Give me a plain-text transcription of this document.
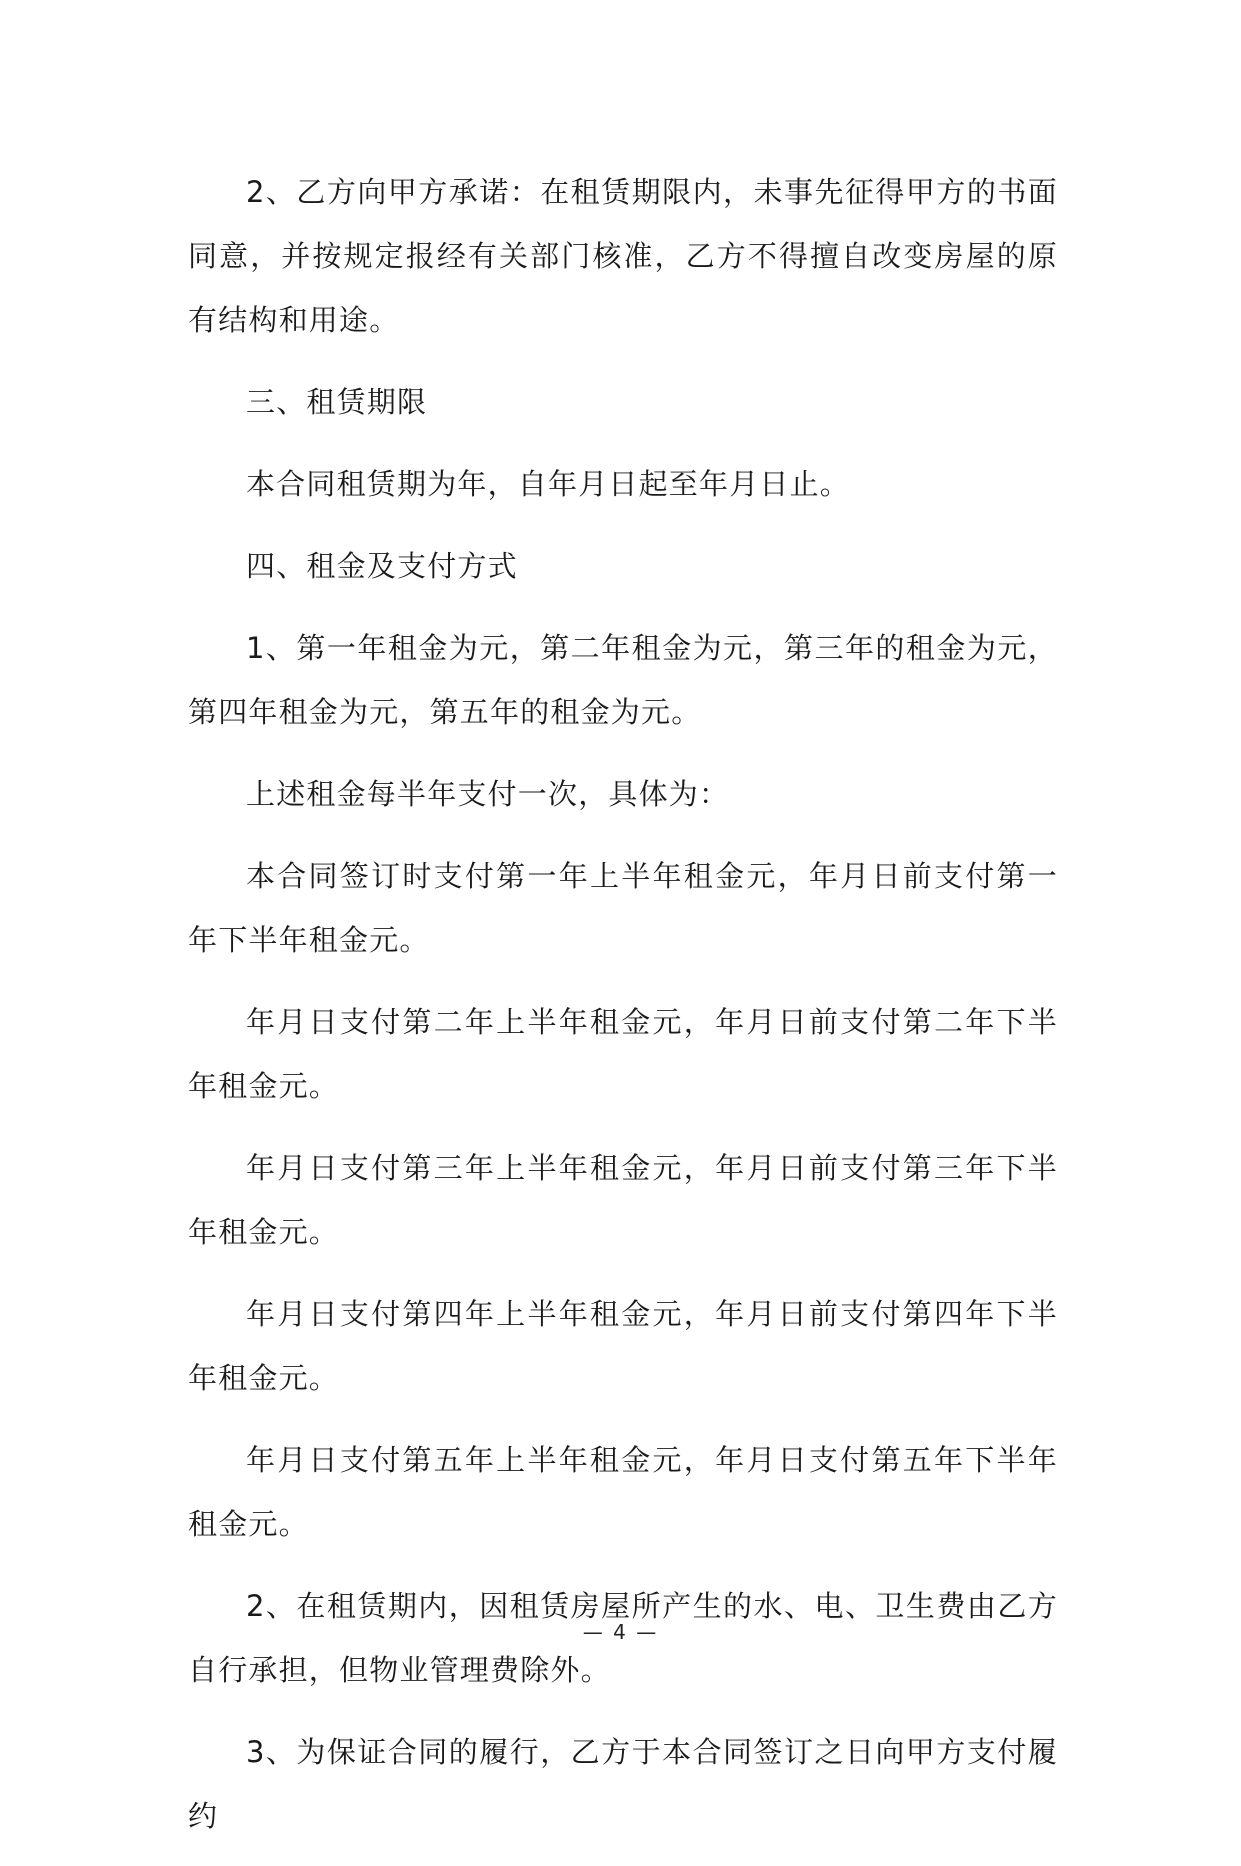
2、乙方向甲方承诺：在租赁期限内，未事先征得甲方的书面同意，并按规定报经有关部门核准，乙方不得擅自改变房屋的原有结构和用途。

三、租赁期限

本合同租赁期为年，自年月日起至年月日止。

四、租金及支付方式

1、第一年租金为元，第二年租金为元，第三年的租金为元，第四年租金为元，第五年的租金为元。

上述租金每半年支付一次，具体为：

本合同签订时支付第一年上半年租金元，年月日前支付第一年下半年租金元。

年月日支付第二年上半年租金元，年月日前支付第二年下半年租金元。

年月日支付第三年上半年租金元，年月日前支付第三年下半年租金元。

年月日支付第四年上半年租金元，年月日前支付第四年下半年租金元。

年月日支付第五年上半年租金元，年月日支付第五年下半年租金元。

2、在租赁期内，因租赁房屋所产生的水、电、卫生费由乙方自行承担，但物业管理费除外。

3、为保证合同的履行，乙方于本合同签订之日向甲方支付履约

— 4 —
